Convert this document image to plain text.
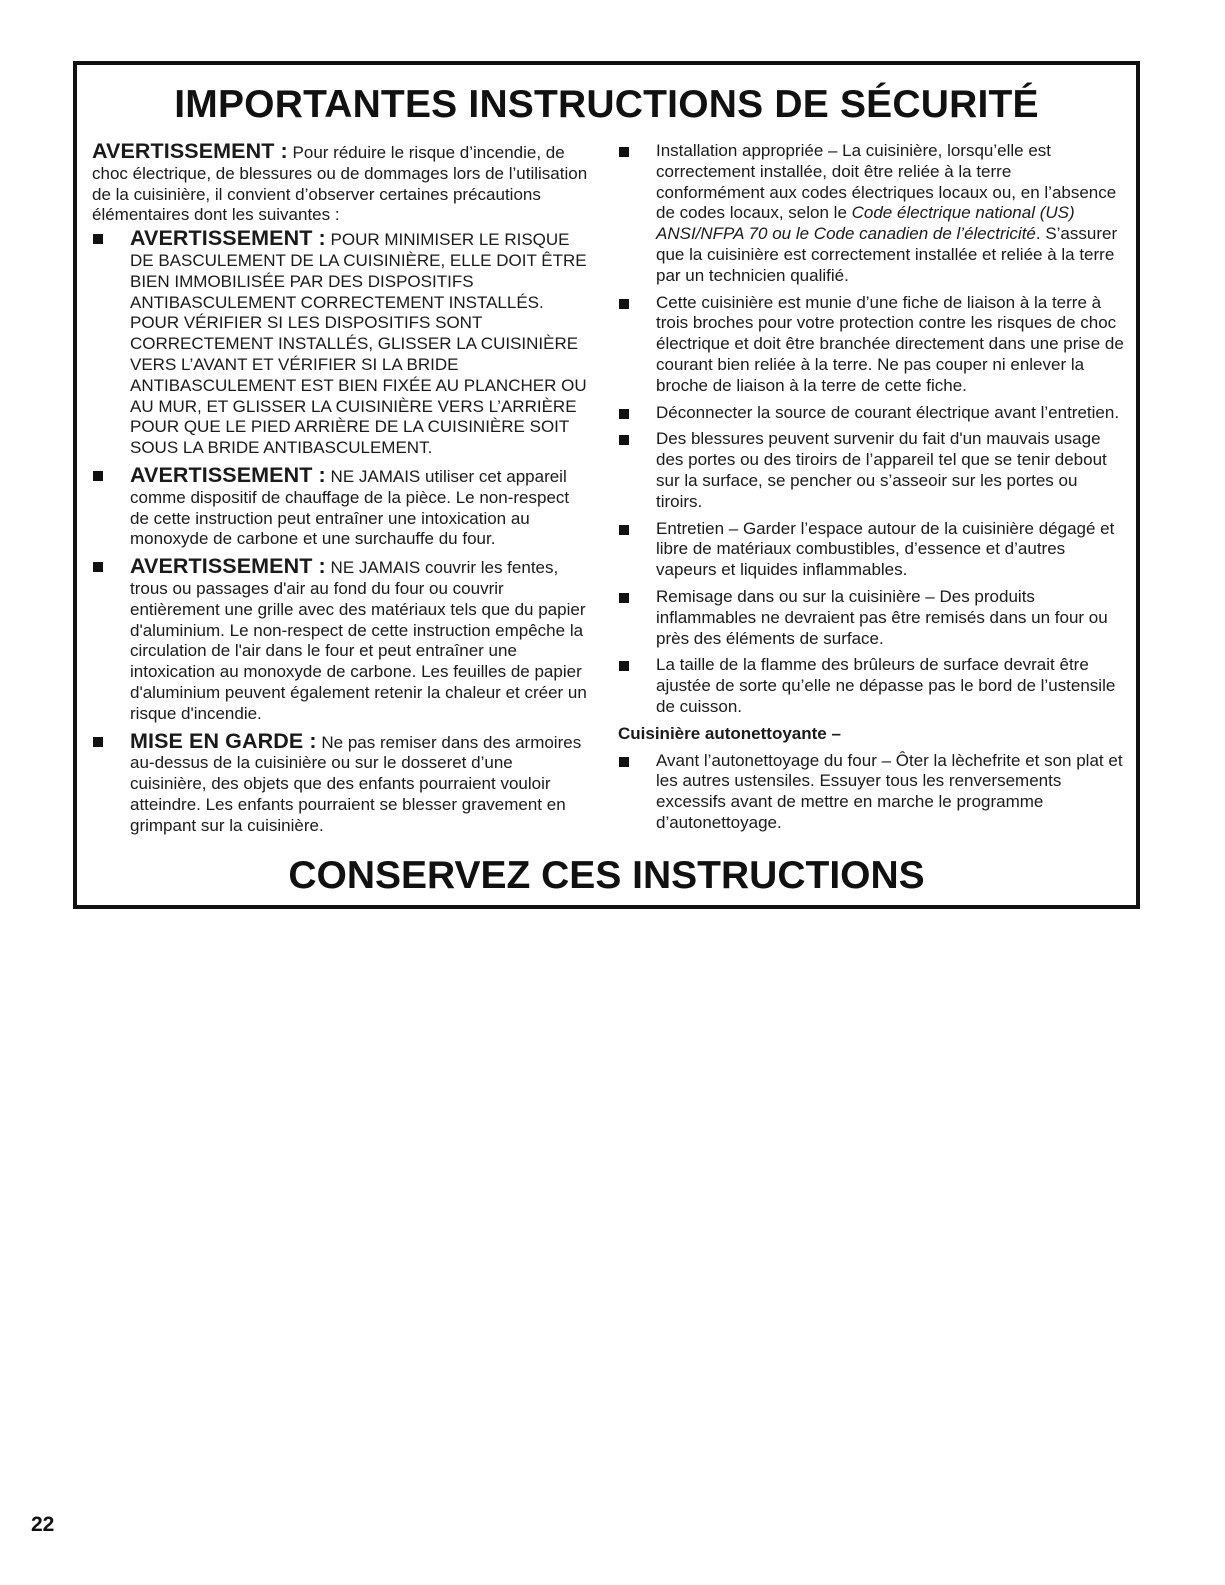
IMPORTANTES INSTRUCTIONS DE SÉCURITÉ

AVERTISSEMENT : Pour réduire le risque d’incendie, de choc électrique, de blessures ou de dommages lors de l’utilisation de la cuisinière, il convient d’observer certaines précautions élémentaires dont les suivantes :

AVERTISSEMENT : POUR MINIMISER LE RISQUE DE BASCULEMENT DE LA CUISINIÈRE, ELLE DOIT ÊTRE BIEN IMMOBILISÉE PAR DES DISPOSITIFS ANTIBASCULEMENT CORRECTEMENT INSTALLÉS. POUR VÉRIFIER SI LES DISPOSITIFS SONT CORRECTEMENT INSTALLÉS, GLISSER LA CUISINIÈRE VERS L’AVANT ET VÉRIFIER SI LA BRIDE ANTIBASCULEMENT EST BIEN FIXÉE AU PLANCHER OU AU MUR, ET GLISSER LA CUISINIÈRE VERS L’ARRIÈRE POUR QUE LE PIED ARRIÈRE DE LA CUISINIÈRE SOIT SOUS LA BRIDE ANTIBASCULEMENT.
AVERTISSEMENT : NE JAMAIS utiliser cet appareil comme dispositif de chauffage de la pièce. Le non-respect de cette instruction peut entraîner une intoxication au monoxyde de carbone et une surchauffe du four.
AVERTISSEMENT : NE JAMAIS couvrir les fentes, trous ou passages d'air au fond du four ou couvrir entièrement une grille avec des matériaux tels que du papier d'aluminium. Le non-respect de cette instruction empêche la circulation de l'air dans le four et peut entraîner une intoxication au monoxyde de carbone. Les feuilles de papier d'aluminium peuvent également retenir la chaleur et créer un risque d'incendie.
MISE EN GARDE : Ne pas remiser dans des armoires au-dessus de la cuisinière ou sur le dosseret d’une cuisinière, des objets que des enfants pourraient vouloir atteindre. Les enfants pourraient se blesser gravement en grimpant sur la cuisinière.
Installation appropriée – La cuisinière, lorsqu’elle est correctement installée, doit être reliée à la terre conformément aux codes électriques locaux ou, en l’absence de codes locaux, selon le Code électrique national (US) ANSI/NFPA 70 ou le Code canadien de l’électricité. S’assurer que la cuisinière est correctement installée et reliée à la terre par un technicien qualifié.
Cette cuisinière est munie d’une fiche de liaison à la terre à trois broches pour votre protection contre les risques de choc électrique et doit être branchée directement dans une prise de courant bien reliée à la terre. Ne pas couper ni enlever la broche de liaison à la terre de cette fiche.
Déconnecter la source de courant électrique avant l’entretien.
Des blessures peuvent survenir du fait d'un mauvais usage des portes ou des tiroirs de l’appareil tel que se tenir debout sur la surface, se pencher ou s’asseoir sur les portes ou tiroirs.
Entretien – Garder l’espace autour de la cuisinière dégagé et libre de matériaux combustibles, d’essence et d’autres vapeurs et liquides inflammables.
Remisage dans ou sur la cuisinière – Des produits inflammables ne devraient pas être remisés dans un four ou près des éléments de surface.
La taille de la flamme des brûleurs de surface devrait être ajustée de sorte qu’elle ne dépasse pas le bord de l’ustensile de cuisson.

Cuisinière autonettoyante –

Avant l’autonettoyage du four – Ôter la lèchefrite et son plat et les autres ustensiles. Essuyer tous les renversements excessifs avant de mettre en marche le programme d’autonettoyage.
CONSERVEZ CES INSTRUCTIONS
22
